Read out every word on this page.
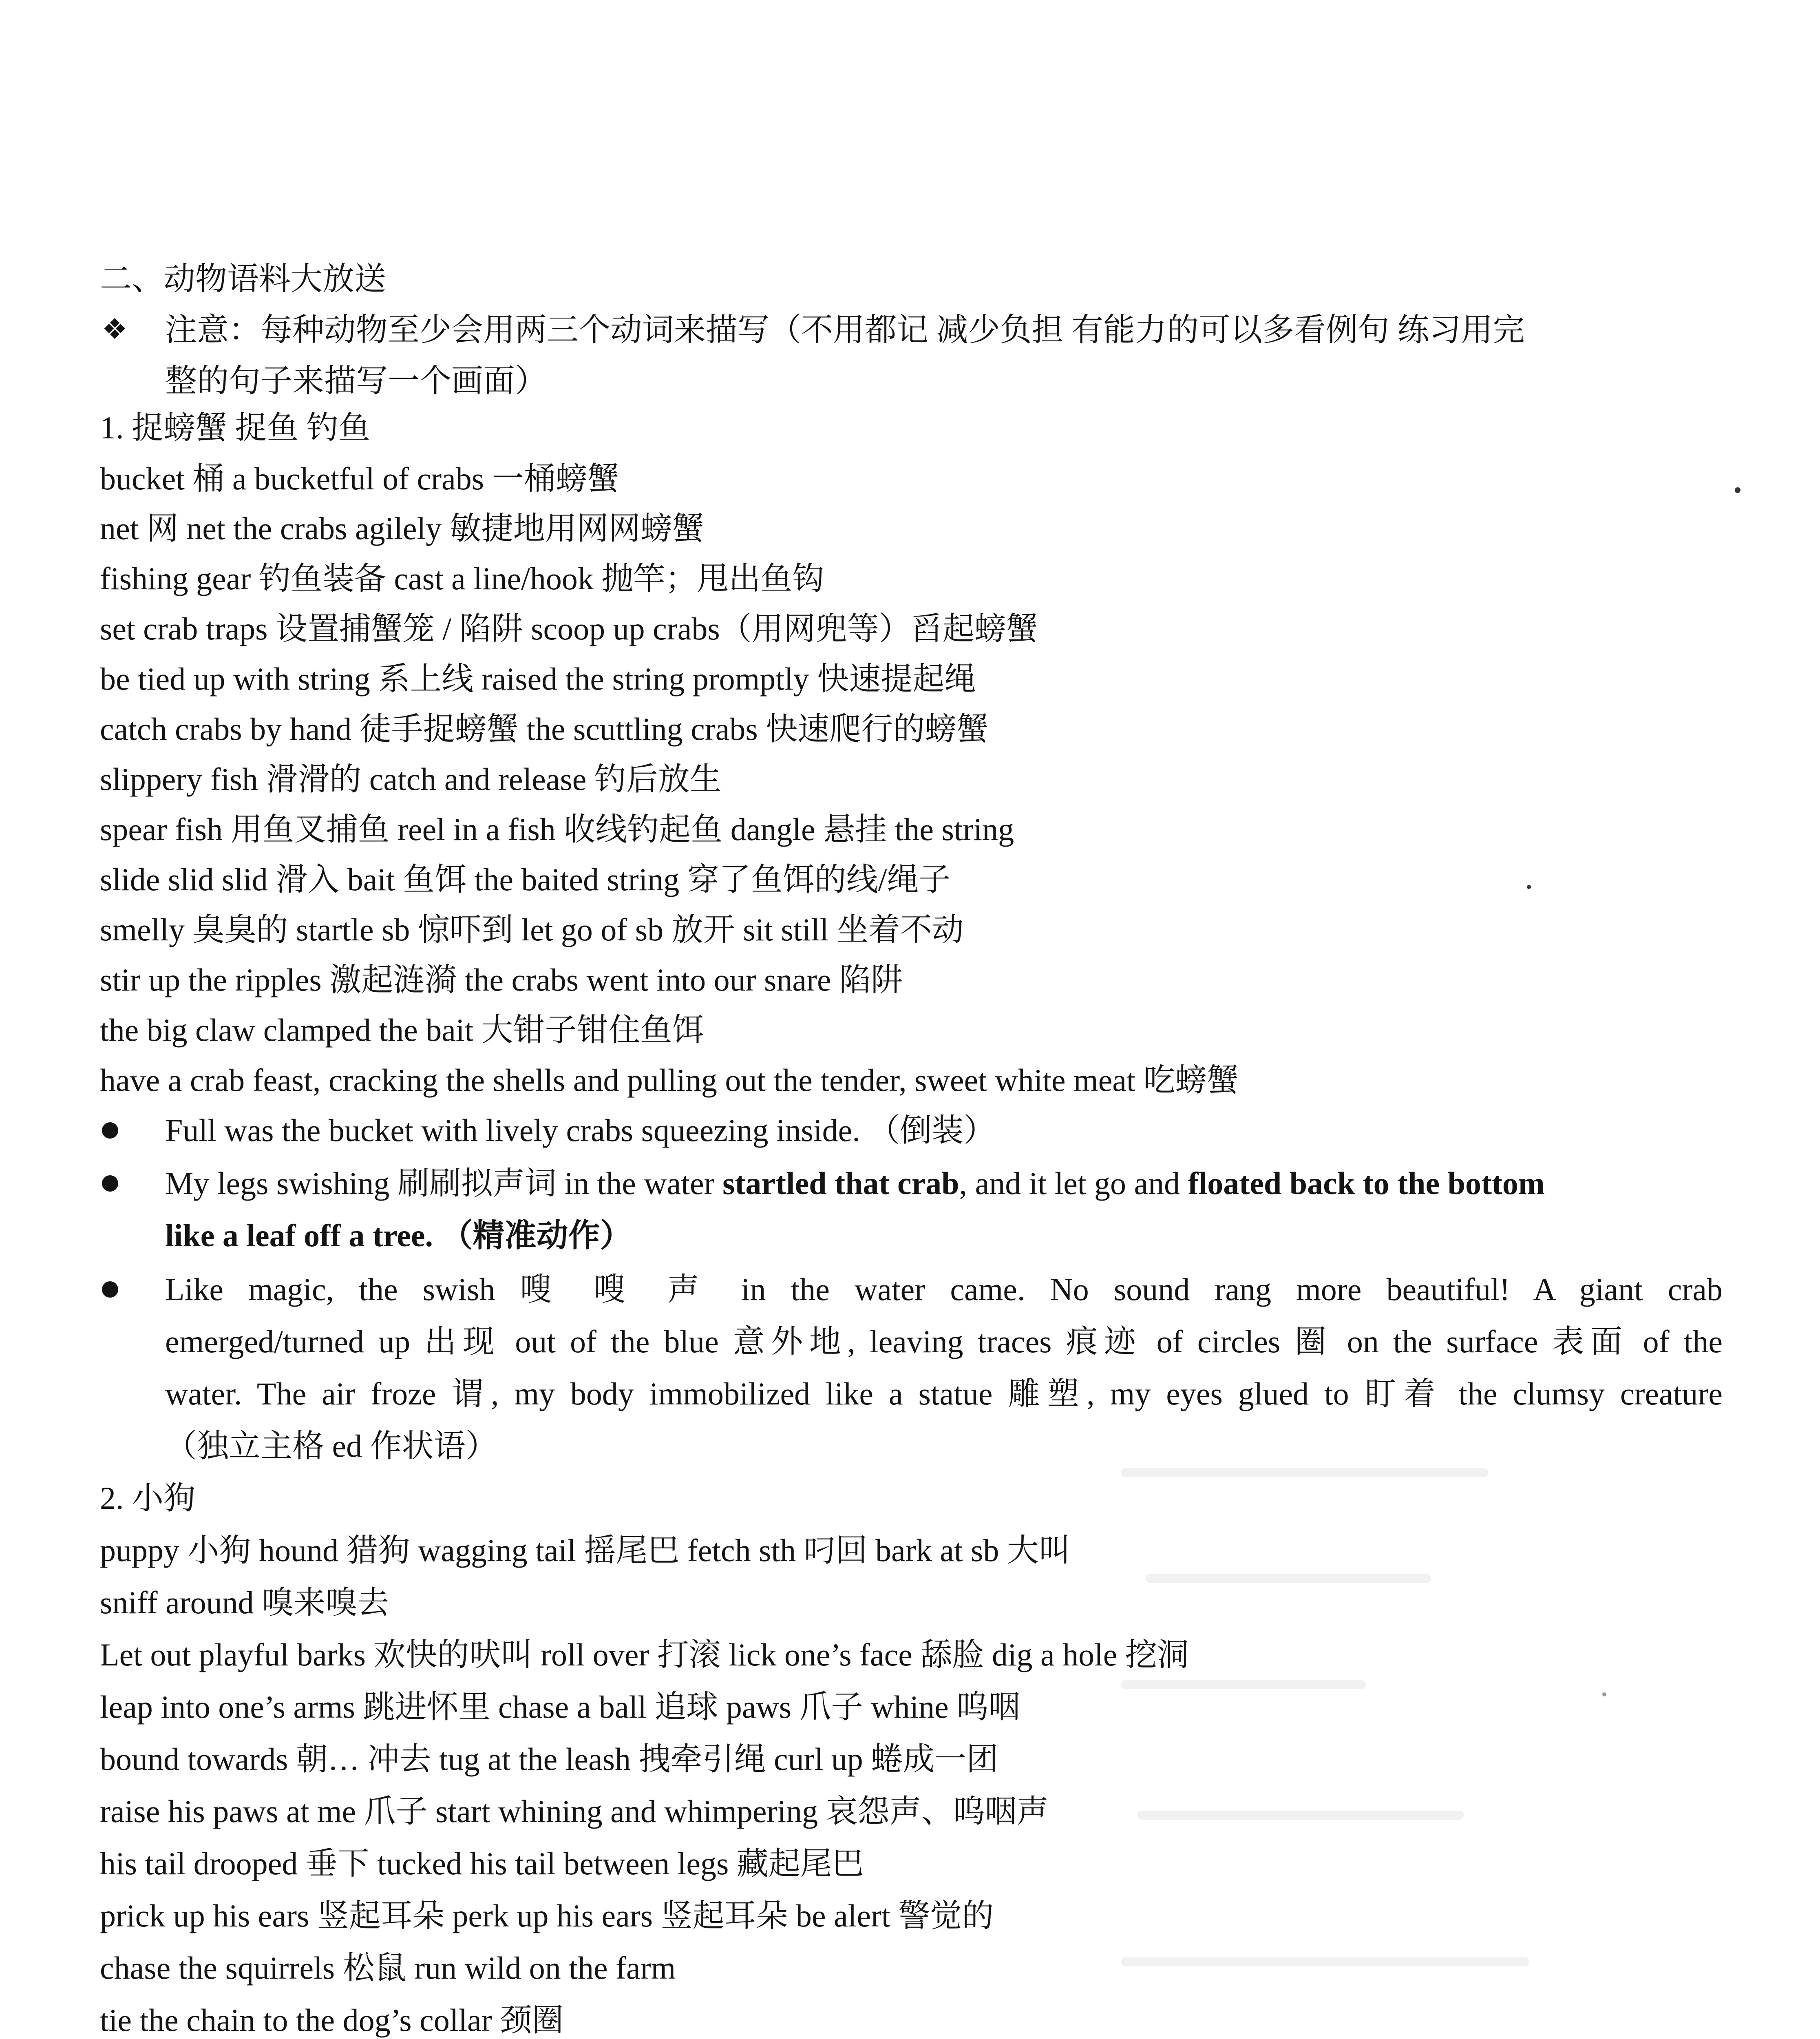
二、动物语料大放送
❖ 注意：每种动物至少会用两三个动词来描写（不用都记 减少负担 有能力的可以多看例句 练习用完
整的句子来描写一个画面）
1. 捉螃蟹 捉鱼 钓鱼
bucket 桶 a bucketful of crabs 一桶螃蟹
net 网 net the crabs agilely 敏捷地用网网螃蟹
fishing gear 钓鱼装备 cast a line/hook 抛竿；甩出鱼钩
set crab traps 设置捕蟹笼 / 陷阱 scoop up crabs（用网兜等）舀起螃蟹
be tied up with string 系上线 raised the string promptly 快速提起绳
catch crabs by hand 徒手捉螃蟹 the scuttling crabs 快速爬行的螃蟹
slippery fish 滑滑的 catch and release 钓后放生
spear fish 用鱼叉捕鱼 reel in a fish 收线钓起鱼 dangle 悬挂 the string
slide slid slid 滑入 bait 鱼饵 the baited string 穿了鱼饵的线/绳子
smelly 臭臭的 startle sb 惊吓到 let go of sb 放开 sit still 坐着不动
stir up the ripples 激起涟漪 the crabs went into our snare 陷阱
the big claw clamped the bait 大钳子钳住鱼饵
have a crab feast, cracking the shells and pulling out the tender, sweet white meat 吃螃蟹
Full was the bucket with lively crabs squeezing inside. （倒装）
My legs swishing 刷刷拟声词 in the water startled that crab, and it let go and floated back to the bottom
like a leaf off a tree. （精准动作）
Like magic, the swish 嗖 嗖 声 in the water came. No sound rang more beautiful! A giant crab
emerged/turned up 出现 out of the blue 意外地, leaving traces 痕迹 of circles 圈 on the surface 表面 of the
water. The air froze 谓, my body immobilized like a statue 雕塑, my eyes glued to 盯着 the clumsy creature
（独立主格 ed 作状语）
2. 小狗
puppy 小狗 hound 猎狗 wagging tail 摇尾巴 fetch sth 叼回 bark at sb 大叫
sniff around 嗅来嗅去
Let out playful barks 欢快的吠叫 roll over 打滚 lick one’s face 舔脸 dig a hole 挖洞
leap into one’s arms 跳进怀里 chase a ball 追球 paws 爪子 whine 呜咽
bound towards 朝… 冲去 tug at the leash 拽牵引绳 curl up 蜷成一团
raise his paws at me 爪子 start whining and whimpering 哀怨声、呜咽声
his tail drooped 垂下 tucked his tail between legs 藏起尾巴
prick up his ears 竖起耳朵 perk up his ears 竖起耳朵 be alert 警觉的
chase the squirrels 松鼠 run wild on the farm
tie the chain to the dog’s collar 颈圈
